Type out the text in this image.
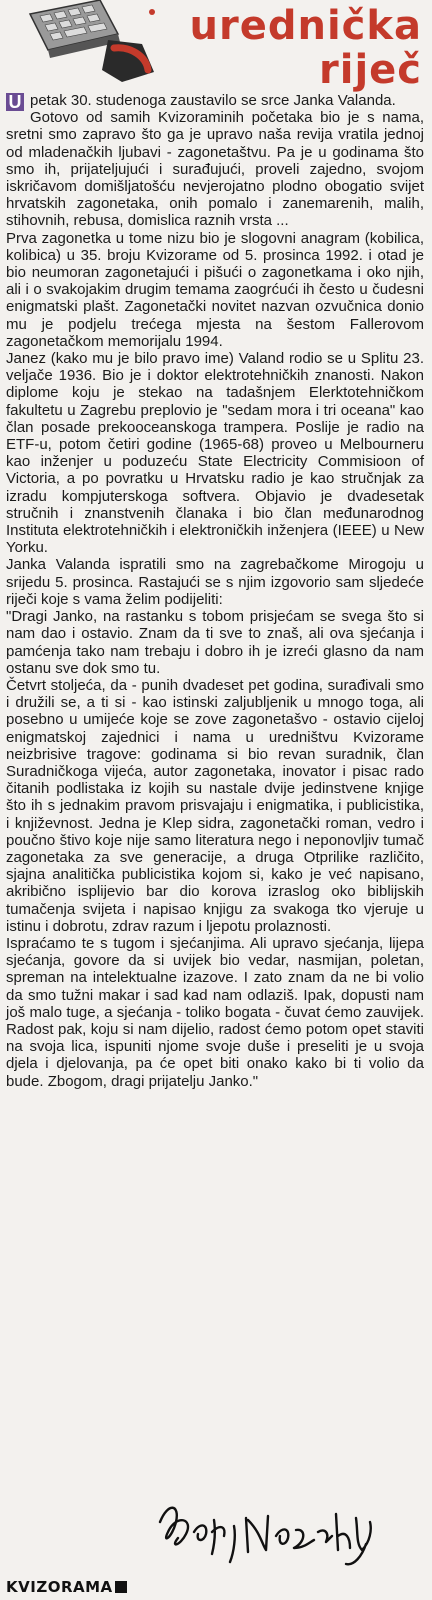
urednička
riječ

U petak 30. studenoga zaustavilo se srce Janka Valanda.

Gotovo od samih Kvizoraminih početaka bio je s nama, sretni smo zapravo što ga je upravo naša revija vratila jednoj od mladenačkih ljubavi - zagonetaštvu. Pa je u godinama što smo ih, prijateljujući i surađujući, proveli zajedno, svojom iskričavom domišljatošću nevjerojatno plodno obogatio svijet hrvatskih zagonetaka, onih pomalo i zanemarenih, malih, stihovnih, rebusa, domislica raznih vrsta ...

Prva zagonetka u tome nizu bio je slogovni anagram (kobilica, kolibica) u 35. broju Kvizorame od 5. prosinca 1992. i otad je bio neumoran zagonetajući i pišući o zagonetkama i oko njih, ali i o svakojakim drugim temama zaogrćući ih često u čudesni enigmatski plašt. Zagonetački novitet nazvan ozvučnica donio mu je podjelu trećega mjesta na šestom Fallerovom zagonetačkom memorijalu 1994.

Janez (kako mu je bilo pravo ime) Valand rodio se u Splitu 23. veljače 1936. Bio je i doktor elektrotehničkih znanosti. Nakon diplome koju je stekao na tadašnjem Elerktotehničkom fakultetu u Zagrebu preplovio je "sedam mora i tri oceana" kao član posade prekooceanskoga trampera. Poslije je radio na ETF-u, potom četiri godine (1965-68) proveo u Melbourneru kao inženjer u poduzeću State Electricity Commisioon of Victoria, a po povratku u Hrvatsku radio je kao stručnjak za izradu kompjuterskoga softvera. Objavio je dvadesetak stručnih i znanstvenih članaka i bio član međunarodnog Instituta elektrotehničkih i elektroničkih inženjera (IEEE) u New Yorku.

Janka Valanda ispratili smo na zagrebačkome Mirogoju u srijedu 5. prosinca. Rastajući se s njim izgovorio sam sljedeće riječi koje s vama želim podijeliti:

"Dragi Janko, na rastanku s tobom prisjećam se svega što si nam dao i ostavio. Znam da ti sve to znaš, ali ova sjećanja i pamćenja tako nam trebaju i dobro ih je izreći glasno da nam ostanu sve dok smo tu.

Četvrt stoljeća, da - punih dvadeset pet godina, surađivali smo i družili se, a ti si - kao istinski zaljubljenik u mnogo toga, ali posebno u umijeće koje se zove zagonetašvo - ostavio cijeloj enigmatskoj zajednici i nama u uredništvu Kvizorame neizbrisive tragove: godinama si bio revan suradnik, član Suradničkoga vijeća, autor zagonetaka, inovator i pisac rado čitanih podlistaka iz kojih su nastale dvije jedinstvene knjige što ih s jednakim pravom prisvajaju i enigmatika, i publicistika, i književnost. Jedna je Klep sidra, zagonetački roman, vedro i poučno štivo koje nije samo literatura nego i neponovljiv tumač zagonetaka za sve generacije, a druga Otprilike različito, sjajna analitička publicistika kojom si, kako je već napisano, akribično isplijevio bar dio korova izraslog oko biblijskih tumačenja svijeta i napisao knjigu za svakoga tko vjeruje u istinu i dobrotu, zdrav razum i ljepotu prolaznosti.

Ispraćamo te s tugom i sjećanjima. Ali upravo sjećanja, lijepa sjećanja, govore da si uvijek bio vedar, nasmijan, poletan, spreman na intelektualne izazove. I zato znam da ne bi volio da smo tužni makar i sad kad nam odlaziš. Ipak, dopusti nam još malo tuge, a sjećanja - toliko bogata - čuvat ćemo zauvijek. Radost pak, koju si nam dijelio, radost ćemo potom opet staviti na svoja lica, ispuniti njome svoje duše i preseliti je u svoja djela i djelovanja, pa će opet biti onako kako bi ti volio da bude. Zbogom, dragi prijatelju Janko."

KVIZORAMA
